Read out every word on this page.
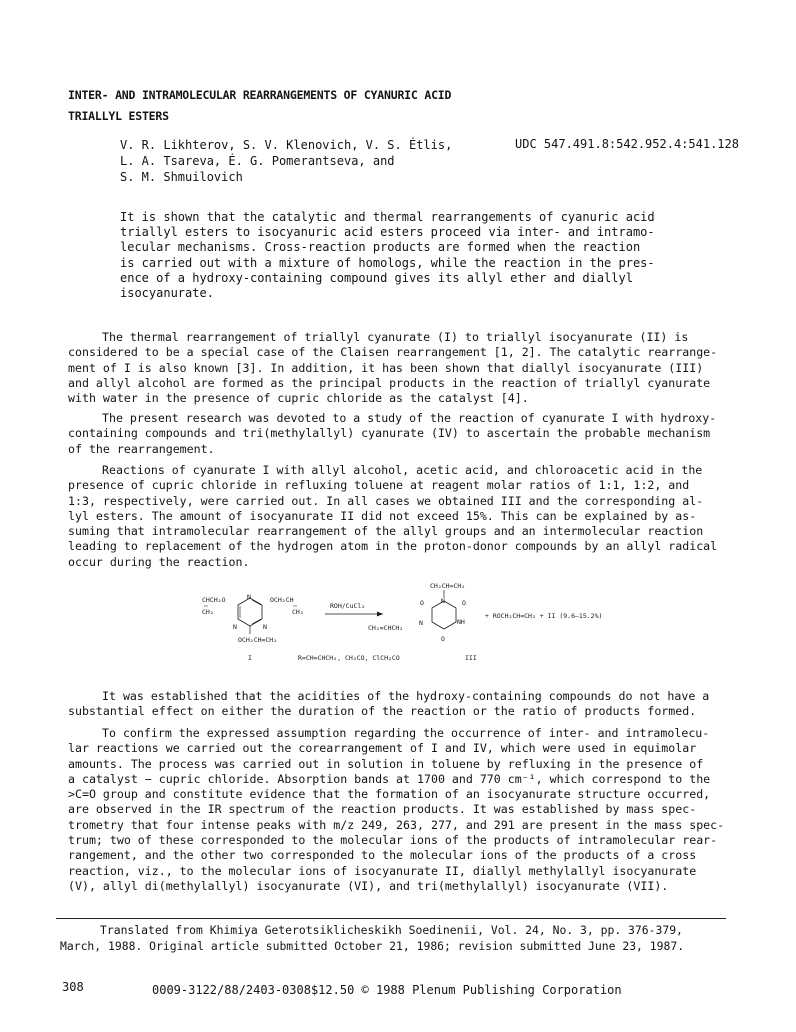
INTER- AND INTRAMOLECULAR REARRANGEMENTS OF CYANURIC ACID
TRIALLYL ESTERS
V. R. Likhterov, S. V. Klenovich, V. S. Étlis,
L. A. Tsareva, É. G. Pomerantseva, and
S. M. Shmuilovich
UDC 547.491.8:542.952.4:541.128
It is shown that the catalytic and thermal rearrangements of cyanuric acid
triallyl esters to isocyanuric acid esters proceed via inter- and intramo-
lecular mechanisms. Cross-reaction products are formed when the reaction
is carried out with a mixture of homologs, while the reaction in the pres-
ence of a hydroxy-containing compound gives its allyl ether and diallyl
isocyanurate.
The thermal rearrangement of triallyl cyanurate (I) to triallyl isocyanurate (II) is
considered to be a special case of the Claisen rearrangement [1, 2]. The catalytic rearrange-
ment of I is also known [3]. In addition, it has been shown that diallyl isocyanurate (III)
and allyl alcohol are formed as the principal products in the reaction of triallyl cyanurate
with water in the presence of cupric chloride as the catalyst [4].
The present research was devoted to a study of the reaction of cyanurate I with hydroxy-
containing compounds and tri(methylallyl) cyanurate (IV) to ascertain the probable mechanism
of the rearrangement.
Reactions of cyanurate I with allyl alcohol, acetic acid, and chloroacetic acid in the
presence of cupric chloride in refluxing toluene at reagent molar ratios of 1:1, 1:2, and
1:3, respectively, were carried out. In all cases we obtained III and the corresponding al-
lyl esters. The amount of isocyanurate II did not exceed 15%. This can be explained by as-
suming that intramolecular rearrangement of the allyl groups and an intermolecular reaction
leading to replacement of the hydrogen atom in the proton-donor compounds by an allyl radical
occur during the reaction.
N
N	N
CHCH₂O
CH₂
OCH₂CH
CH₂
OCH₂CH=CH₂
I
ROH/CuCl₂
CH₂CH=CH₂
N
O	O
NH
N
O
CH₂=CHCH₂
+ ROCH₂CH=CH₂ + II (9.6–15.2%)
R=CH=CHCH₂, CH₃CO, ClCH₂CO	III
It was established that the acidities of the hydroxy-containing compounds do not have a
substantial effect on either the duration of the reaction or the ratio of products formed.
To confirm the expressed assumption regarding the occurrence of inter- and intramolecu-
lar reactions we carried out the corearrangement of I and IV, which were used in equimolar
amounts. The process was carried out in solution in toluene by refluxing in the presence of
a catalyst − cupric chloride. Absorption bands at 1700 and 770 cm⁻¹, which correspond to the
>C=O group and constitute evidence that the formation of an isocyanurate structure occurred,
are observed in the IR spectrum of the reaction products. It was established by mass spec-
trometry that four intense peaks with m/z 249, 263, 277, and 291 are present in the mass spec-
trum; two of these corresponded to the molecular ions of the products of intramolecular rear-
rangement, and the other two corresponded to the molecular ions of the products of a cross
reaction, viz., to the molecular ions of isocyanurate II, diallyl methylallyl isocyanurate
(V), allyl di(methylallyl) isocyanurate (VI), and tri(methylallyl) isocyanurate (VII).
Translated from Khimiya Geterotsiklicheskikh Soedinenii, Vol. 24, No. 3, pp. 376-379,
March, 1988. Original article submitted October 21, 1986; revision submitted June 23, 1987.
308	0009-3122/88/2403-0308$12.50 © 1988 Plenum Publishing Corporation
